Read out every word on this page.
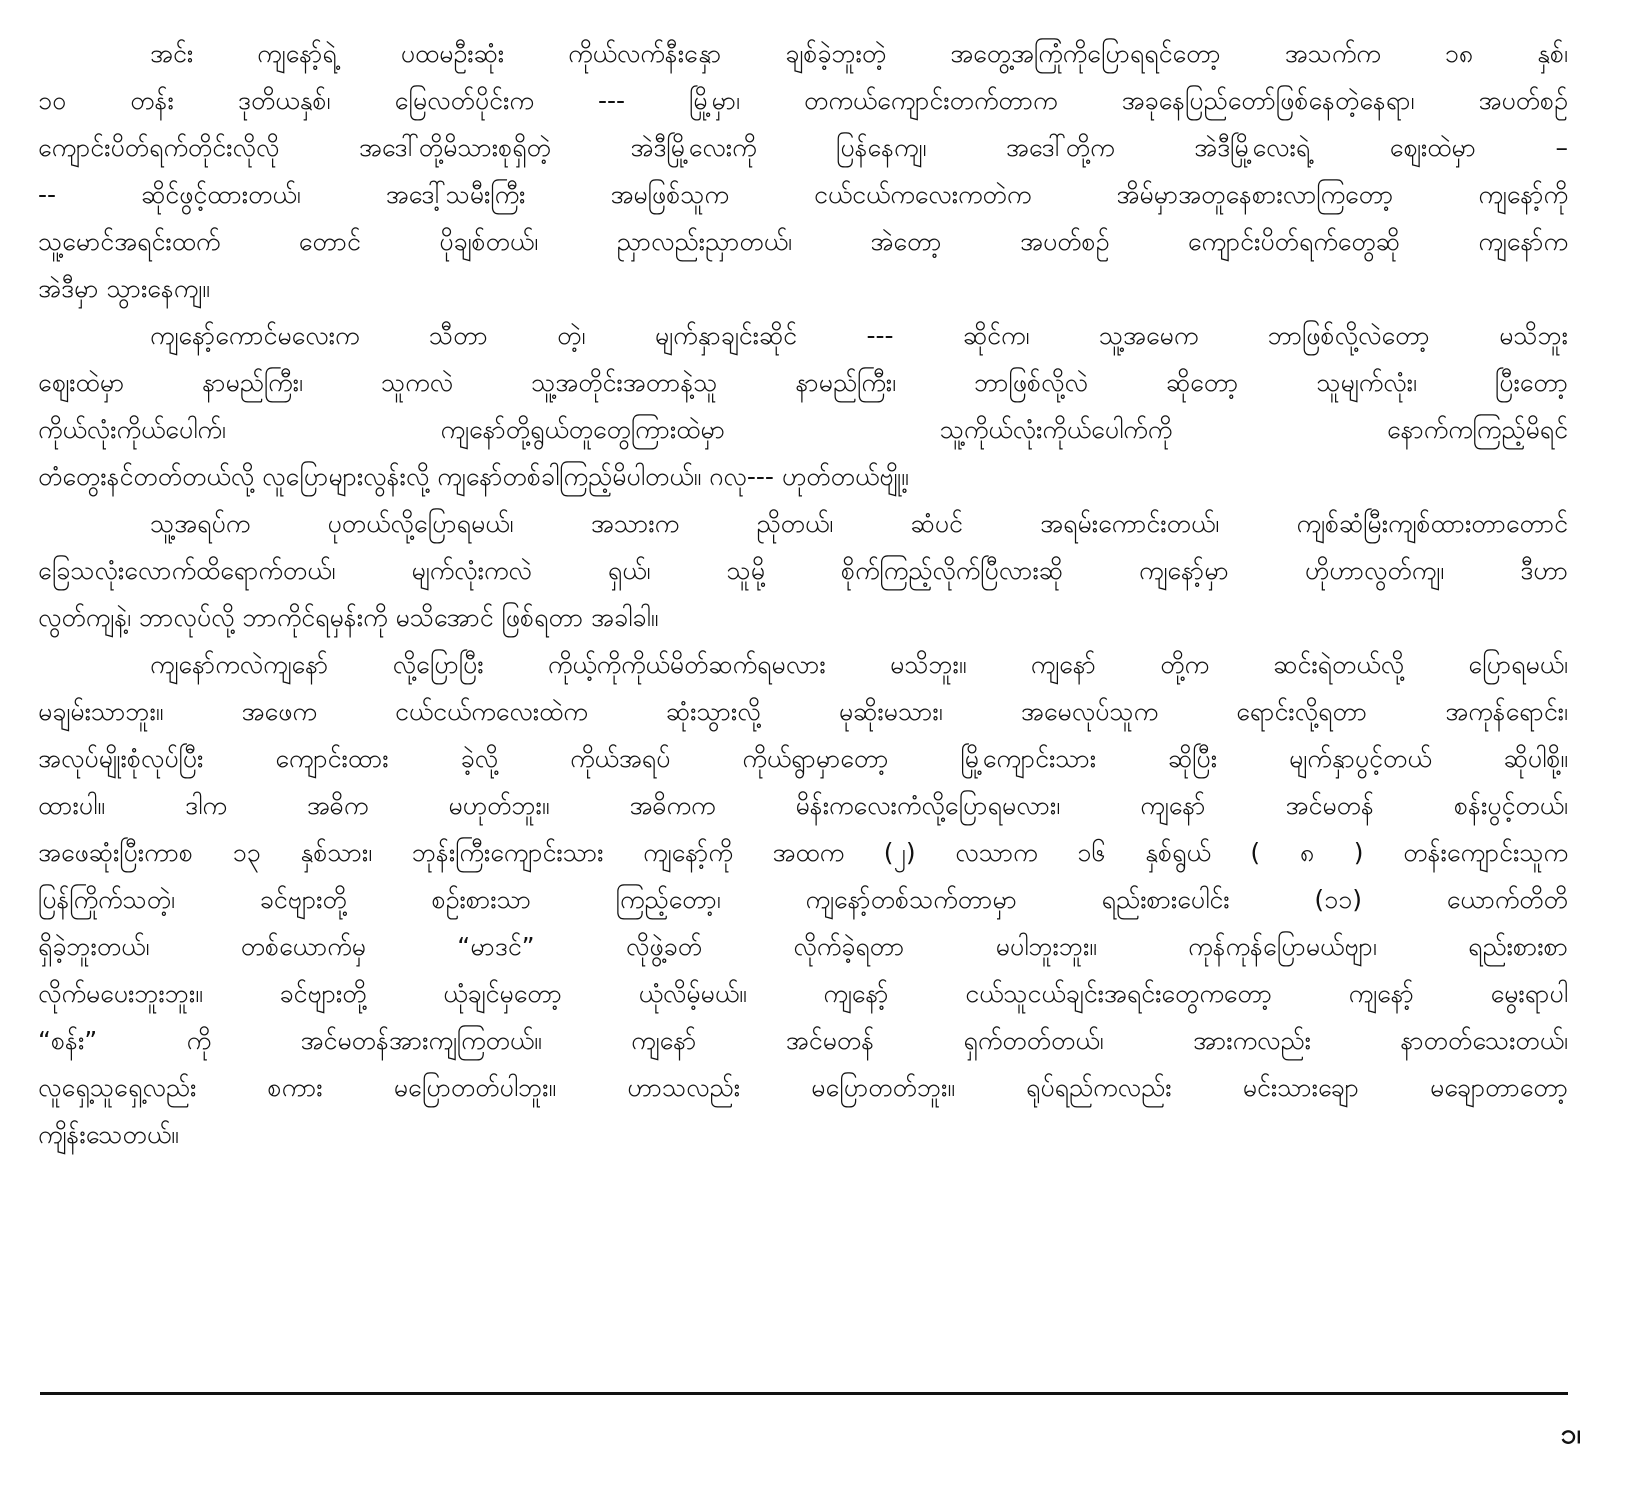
အင်း ကျနော့်ရဲ့ ပထမဦးဆုံး ကိုယ်လက်နီးနှော ချစ်ခဲ့ဘူးတဲ့ အတွေ့အကြုံကိုပြောရရင်တော့ အသက်က ၁၈ နှစ်၊
၁၀ တန်း ဒုတိယနှစ်၊ မြေလတ်ပိုင်းက --- မြို့မှာ၊ တကယ်ကျောင်းတက်တာက အခုနေပြည်တော်ဖြစ်နေတဲ့နေရာ၊ အပတ်စဉ်
ကျောင်းပိတ်ရက်တိုင်းလိုလို အဒေါ်တို့မိသားစုရှိတဲ့ အဲဒီမြို့လေးကို ပြန်နေကျ၊ အဒေါ်တို့က အဲဒီမြို့လေးရဲ့ ဈေးထဲမှာ –
-- ဆိုင်ဖွင့်ထားတယ်၊ အဒေါ့်သမီးကြီး အမဖြစ်သူက ငယ်ငယ်ကလေးကတဲက အိမ်မှာအတူနေစားလာကြတော့ ကျနော့်ကို
သူ့မောင်အရင်းထက် တောင် ပိုချစ်တယ်၊ ညှာလည်းညှာတယ်၊ အဲတော့ အပတ်စဉ် ကျောင်းပိတ်ရက်တွေဆို ကျနော်က
အဲဒီမှာ သွားနေကျ။
ကျနော့်ကောင်မလေးက သီတာ တဲ့၊ မျက်နှာချင်းဆိုင် --- ဆိုင်က၊ သူ့အမေက ဘာဖြစ်လို့လဲတော့ မသိဘူး
ဈေးထဲမှာ နာမည်ကြီး၊ သူကလဲ သူ့အတိုင်းအတာနဲ့သူ နာမည်ကြီး၊ ဘာဖြစ်လို့လဲ ဆိုတော့ သူမျက်လုံး၊ ပြီးတော့
ကိုယ်လုံးကိုယ်ပေါက်၊ ကျနော်တို့ရွယ်တူတွေကြားထဲမှာ သူ့ကိုယ်လုံးကိုယ်ပေါက်ကို နောက်ကကြည့်မိရင်
တံတွေးနင်တတ်တယ်လို့ လူပြောများလွန်းလို့ ကျနော်တစ်ခါကြည့်မိပါတယ်။ ဂလု--- ဟုတ်တယ်ဗျို့။
သူ့အရပ်က ပုတယ်လို့ပြောရမယ်၊ အသားက ညိုတယ်၊ ဆံပင် အရမ်းကောင်းတယ်၊ ကျစ်ဆံမြီးကျစ်ထားတာတောင်
ခြေသလုံးလောက်ထိရောက်တယ်၊ မျက်လုံးကလဲ ရှယ်၊ သူမို့ စိုက်ကြည့်လိုက်ပြီလားဆို ကျနော့်မှာ ဟိုဟာလွတ်ကျ၊ ဒီဟာ
လွတ်ကျနဲ့၊ ဘာလုပ်လို့ ဘာကိုင်ရမှန်းကို မသိအောင် ဖြစ်ရတာ အခါခါ။
ကျနော်ကလဲကျနော် လို့ပြောပြီး ကိုယ့်ကိုကိုယ်မိတ်ဆက်ရမလား မသိဘူး။ ကျနော် တို့က ဆင်းရဲတယ်လို့ ပြောရမယ်၊
မချမ်းသာဘူး။ အဖေက ငယ်ငယ်ကလေးထဲက ဆုံးသွားလို့ မုဆိုးမသား၊ အမေလုပ်သူက ရောင်းလို့ရတာ အကုန်ရောင်း၊
အလုပ်မျိုးစုံလုပ်ပြီး ကျောင်းထား ခဲ့လို့ ကိုယ်အရပ် ကိုယ်ရွာမှာတော့ မြို့ကျောင်းသား ဆိုပြီး မျက်နှာပွင့်တယ် ဆိုပါစို့။
ထားပါ။ ဒါက အဓိက မဟုတ်ဘူး။ အဓိကက မိန်းကလေးကံလို့ပြောရမလား၊ ကျနော် အင်မတန် စန်းပွင့်တယ်၊
အဖေဆုံးပြီးကာစ ၁၃ နှစ်သား၊ ဘုန်းကြီးကျောင်းသား ကျနော့်ကို အထက (၂) လသာက ၁၆ နှစ်ရွယ် ( ၈ ) တန်းကျောင်းသူက
ပြန်ကြိုက်သတဲ့၊ ခင်ဗျားတို့ စဉ်းစားသာ ကြည့်တော့၊ ကျနော့်တစ်သက်တာမှာ ရည်းစားပေါင်း (၁၁) ယောက်တိတိ
ရှိခဲ့ဘူးတယ်၊ တစ်ယောက်မှ “မာဒင်” လိုဖွဲ့ခတ် လိုက်ခဲ့ရတာ မပါဘူးဘူး။ ကုန်ကုန်ပြောမယ်ဗျာ၊ ရည်းစားစာ
လိုက်မပေးဘူးဘူး။ ခင်ဗျားတို့ ယုံချင်မှတော့ ယုံလိမ့်မယ်။ ကျနော့် ငယ်သူငယ်ချင်းအရင်းတွေကတော့ ကျနော့် မွေးရာပါ
“စန်း” ကို အင်မတန်အားကျကြတယ်။ ကျနော် အင်မတန် ရှက်တတ်တယ်၊ အားကလည်း နာတတ်သေးတယ်၊
လူရှေ့သူရှေ့လည်း စကား မပြောတတ်ပါဘူး။ ဟာသလည်း မပြောတတ်ဘူး။ ရုပ်ရည်ကလည်း မင်းသားချော မချောတာတော့
ကျိန်းသေတယ်။
၁၊
